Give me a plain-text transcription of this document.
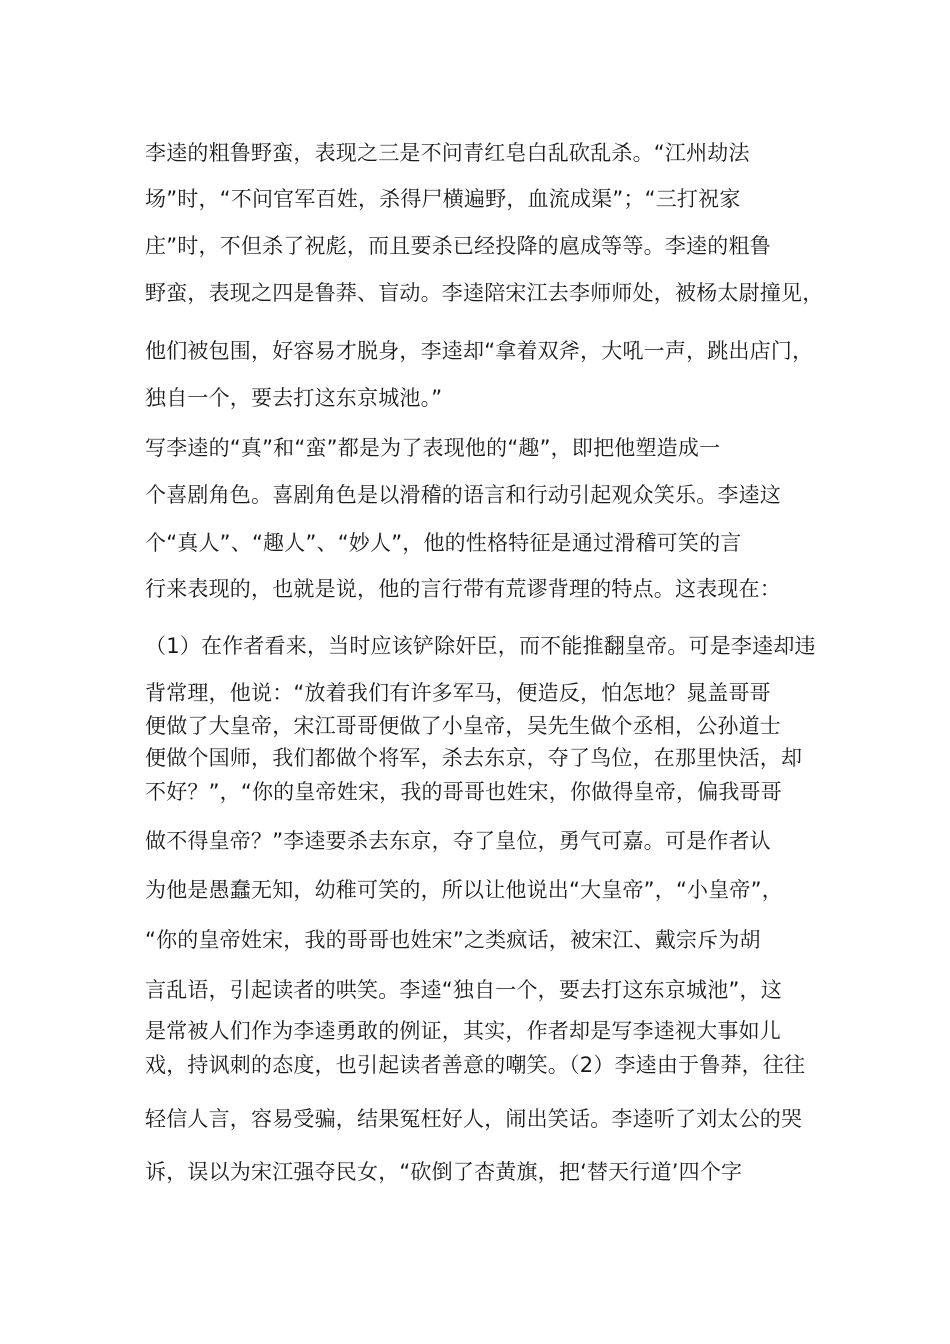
李逵的粗鲁野蛮，表现之三是不问青红皂白乱砍乱杀。“江州劫法
场”时，“不问官军百姓，杀得尸横遍野，血流成渠”；“三打祝家
庄”时，不但杀了祝彪，而且要杀已经投降的扈成等等。李逵的粗鲁
野蛮，表现之四是鲁莽、盲动。李逵陪宋江去李师师处，被杨太尉撞见，
他们被包围，好容易才脱身，李逵却“拿着双斧，大吼一声，跳出店门，
独自一个，要去打这东京城池。”
写李逵的“真”和“蛮”都是为了表现他的“趣”，即把他塑造成一
个喜剧角色。喜剧角色是以滑稽的语言和行动引起观众笑乐。李逵这
个“真人”、“趣人”、“妙人”，他的性格特征是通过滑稽可笑的言
行来表现的，也就是说，他的言行带有荒谬背理的特点。这表现在：
（1）在作者看来，当时应该铲除奸臣，而不能推翻皇帝。可是李逵却违
背常理，他说：“放着我们有许多军马，便造反，怕怎地？晁盖哥哥
便做了大皇帝，宋江哥哥便做了小皇帝，吴先生做个丞相，公孙道士
便做个国师，我们都做个将军，杀去东京，夺了鸟位，在那里快活，却
不好？”，“你的皇帝姓宋，我的哥哥也姓宋，你做得皇帝，偏我哥哥
做不得皇帝？”李逵要杀去东京，夺了皇位，勇气可嘉。可是作者认
为他是愚蠢无知，幼稚可笑的，所以让他说出“大皇帝”，“小皇帝”，
“你的皇帝姓宋，我的哥哥也姓宋”之类疯话，被宋江、戴宗斥为胡
言乱语，引起读者的哄笑。李逵“独自一个，要去打这东京城池”，这
是常被人们作为李逵勇敢的例证，其实，作者却是写李逵视大事如儿
戏，持讽刺的态度，也引起读者善意的嘲笑。（2）李逵由于鲁莽，往往
轻信人言，容易受骗，结果冤枉好人，闹出笑话。李逵听了刘太公的哭
诉，误以为宋江强夺民女，“砍倒了杏黄旗，把‘替天行道’四个字
